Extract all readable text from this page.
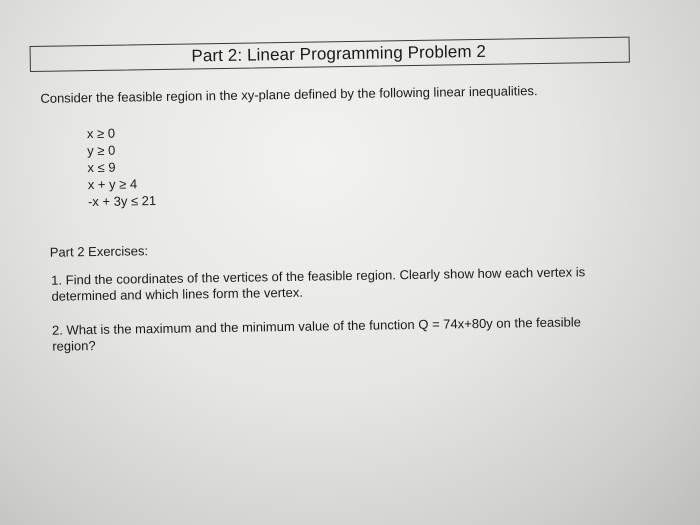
Part 2: Linear Programming Problem 2
Consider the feasible region in the xy-plane defined by the following linear inequalities.
x ≥ 0
y ≥ 0
x ≤ 9
x + y ≥ 4
-x + 3y ≤ 21
Part 2 Exercises:
1. Find the coordinates of the vertices of the feasible region. Clearly show how each vertex is
determined and which lines form the vertex.
2. What is the maximum and the minimum value of the function Q = 74x+80y on the feasible
region?
